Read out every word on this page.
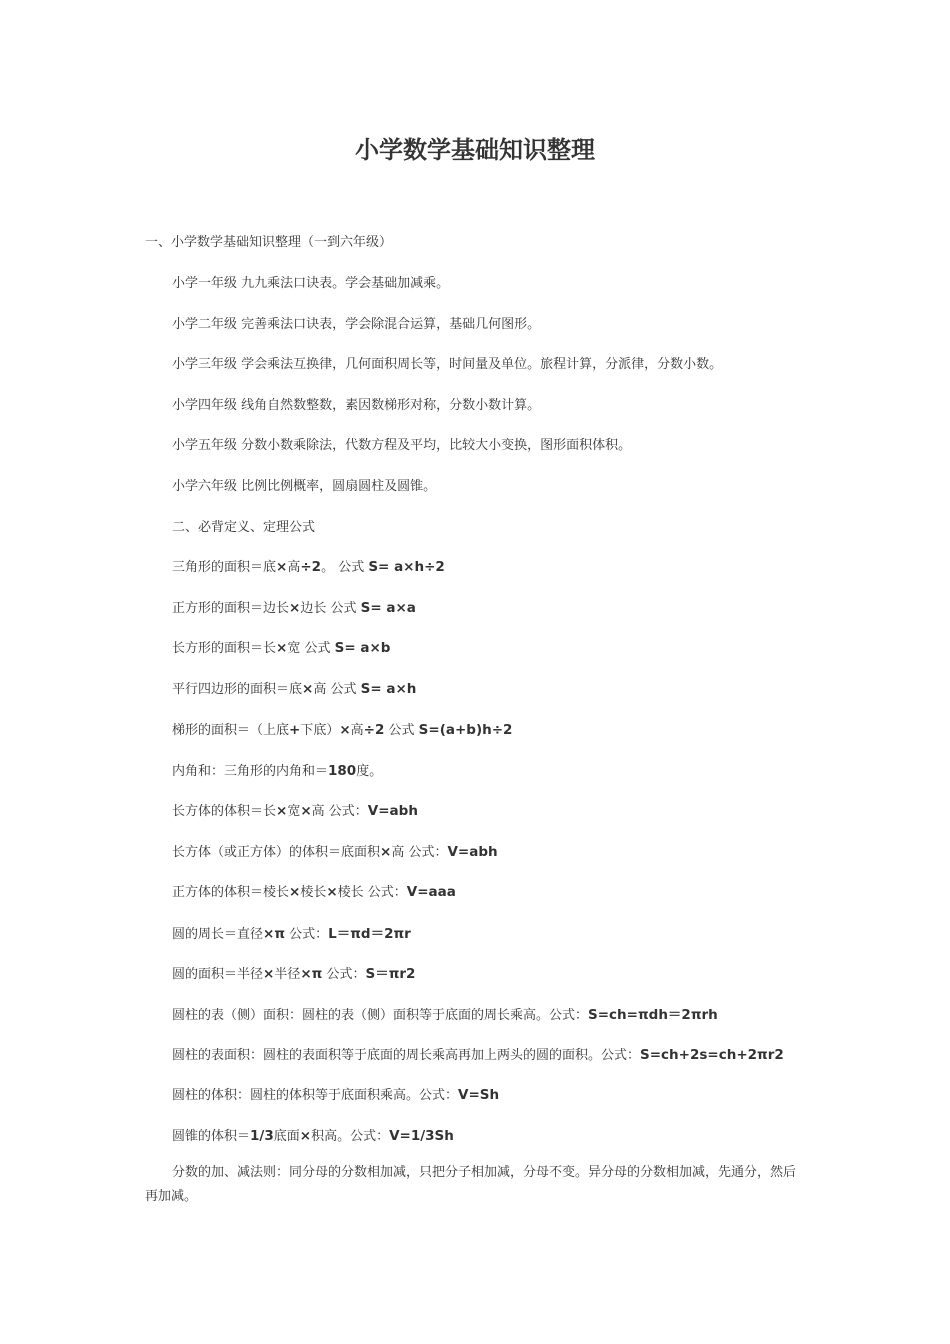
小学数学基础知识整理
一、小学数学基础知识整理（一到六年级）
小学一年级 九九乘法口诀表。学会基础加减乘。
小学二年级 完善乘法口诀表，学会除混合运算，基础几何图形。
小学三年级 学会乘法互换律，几何面积周长等，时间量及单位。旅程计算，分派律，分数小数。
小学四年级 线角自然数整数，素因数梯形对称，分数小数计算。
小学五年级 分数小数乘除法，代数方程及平均，比较大小变换，图形面积体积。
小学六年级 比例比例概率，圆扇圆柱及圆锥。
二、必背定义、定理公式
三角形的面积＝底×高÷2。 公式 S= a×h÷2
正方形的面积＝边长×边长 公式 S= a×a
长方形的面积＝长×宽 公式 S= a×b
平行四边形的面积＝底×高 公式 S= a×h
梯形的面积＝（上底+下底）×高÷2 公式 S=(a+b)h÷2
内角和：三角形的内角和＝180度。
长方体的体积＝长×宽×高 公式：V=abh
长方体（或正方体）的体积＝底面积×高 公式：V=abh
正方体的体积＝棱长×棱长×棱长 公式：V=aaa
圆的周长＝直径×π 公式：L＝πd＝2πr
圆的面积＝半径×半径×π 公式：S＝πr2
圆柱的表（侧）面积：圆柱的表（侧）面积等于底面的周长乘高。公式：S=ch=πdh＝2πrh
圆柱的表面积：圆柱的表面积等于底面的周长乘高再加上两头的圆的面积。公式：S=ch+2s=ch+2πr2
圆柱的体积：圆柱的体积等于底面积乘高。公式：V=Sh
圆锥的体积＝1/3底面×积高。公式：V=1/3Sh
分数的加、减法则：同分母的分数相加减，只把分子相加减，分母不变。异分母的分数相加减，先通分，然后再加减。
